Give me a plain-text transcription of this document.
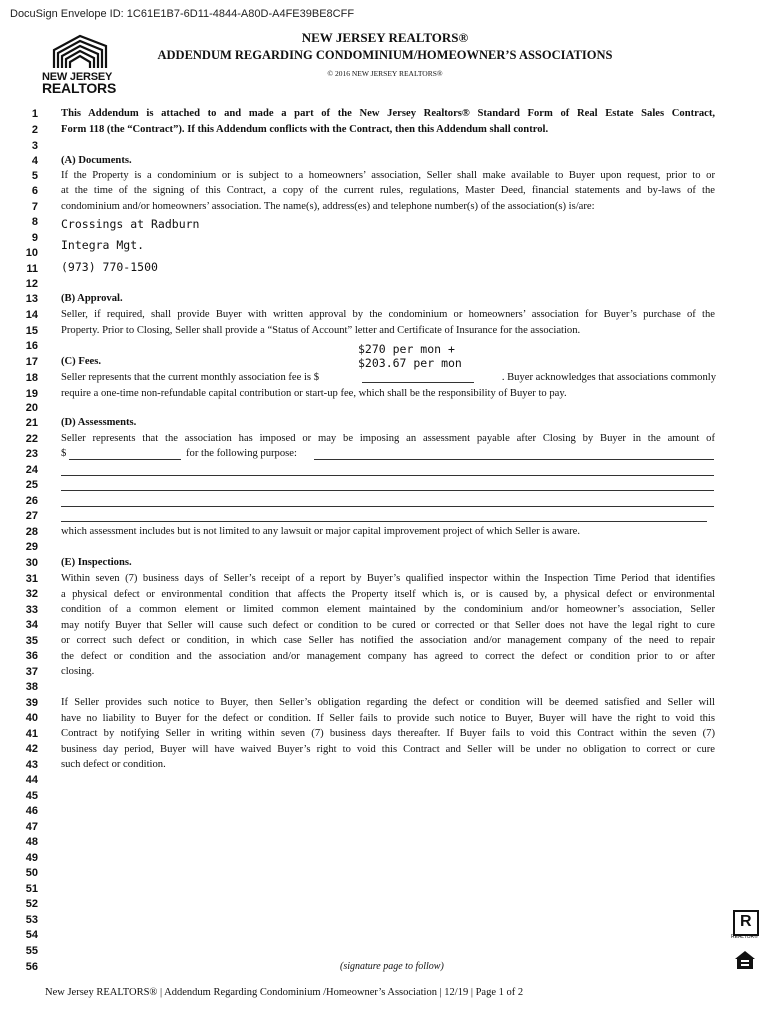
DocuSign Envelope ID: 1C61E1B7-6D11-4844-A80D-A4FE39BE8CFF
NEW JERSEY
REALTORS
NEW JERSEY REALTORS®
ADDENDUM REGARDING CONDOMINIUM/HOMEOWNER’S ASSOCIATIONS
© 2016 NEW JERSEY REALTORS®
1
2
3
4
5
6
7
8
9
10
11
12
13
14
15
16
17
18
19
20
21
22
23
24
25
26
27
28
29
30
31
32
33
34
35
36
37
38
39
40
41
42
43
44
45
46
47
48
49
50
51
52
53
54
55
56
This Addendum is attached to and made a part of the New Jersey Realtors® Standard Form of Real Estate Sales Contract,
Form 118 (the “Contract”). If this Addendum conflicts with the Contract, then this Addendum shall control.
(A) Documents.
If the Property is a condominium or is subject to a homeowners’ association, Seller shall make available to Buyer upon request, prior to or
at the time of the signing of this Contract, a copy of the current rules, regulations, Master Deed, financial statements and by-laws of the
condominium and/or homeowners’ association. The name(s), address(es) and telephone number(s) of the association(s) is/are:
Crossings at Radburn
Integra Mgt.
(973) 770-1500
(B) Approval.
Seller, if required, shall provide Buyer with written approval by the condominium or homeowners’ association for Buyer’s purchase of the
Property. Prior to Closing, Seller shall provide a “Status of Account” letter and Certificate of Insurance for the association.
$270 per mon +
$203.67 per mon
(C) Fees.
Seller represents that the current monthly association fee is $	. Buyer acknowledges that associations commonly
require a one-time non-refundable capital contribution or start-up fee, which shall be the responsibility of Buyer to pay.
(D) Assessments.
Seller represents that the association has imposed or may be imposing an assessment payable after Closing by Buyer in the amount of
$	for the following purpose:
which assessment includes but is not limited to any lawsuit or major capital improvement project of which Seller is aware.
(E) Inspections.
Within seven (7) business days of Seller’s receipt of a report by Buyer’s qualified inspector within the Inspection Time Period that identifies
a physical defect or environmental condition that affects the Property itself which is, or is caused by, a physical defect or environmental
condition of a common element or limited common element maintained by the condominium and/or homeowner’s association, Seller
may notify Buyer that Seller will cause such defect or condition to be cured or corrected or that Seller does not have the legal right to cure
or correct such defect or condition, in which case Seller has notified the association and/or management company of the need to repair
the defect or condition and the association and/or management company has agreed to correct the defect or condition prior to or after
closing.
If Seller provides such notice to Buyer, then Seller’s obligation regarding the defect or condition will be deemed satisfied and Seller will
have no liability to Buyer for the defect or condition. If Seller fails to provide such notice to Buyer, Buyer will have the right to void this
Contract by notifying Seller in writing within seven (7) business days thereafter. If Buyer fails to void this Contract within the seven (7)
business day period, Buyer will have waived Buyer’s right to void this Contract and Seller will be under no obligation to correct or cure
such defect or condition.
(signature page to follow)
New Jersey REALTORS® | Addendum Regarding Condominium /Homeowner’s Association | 12/19 | Page 1 of 2
R
REALTOR®
